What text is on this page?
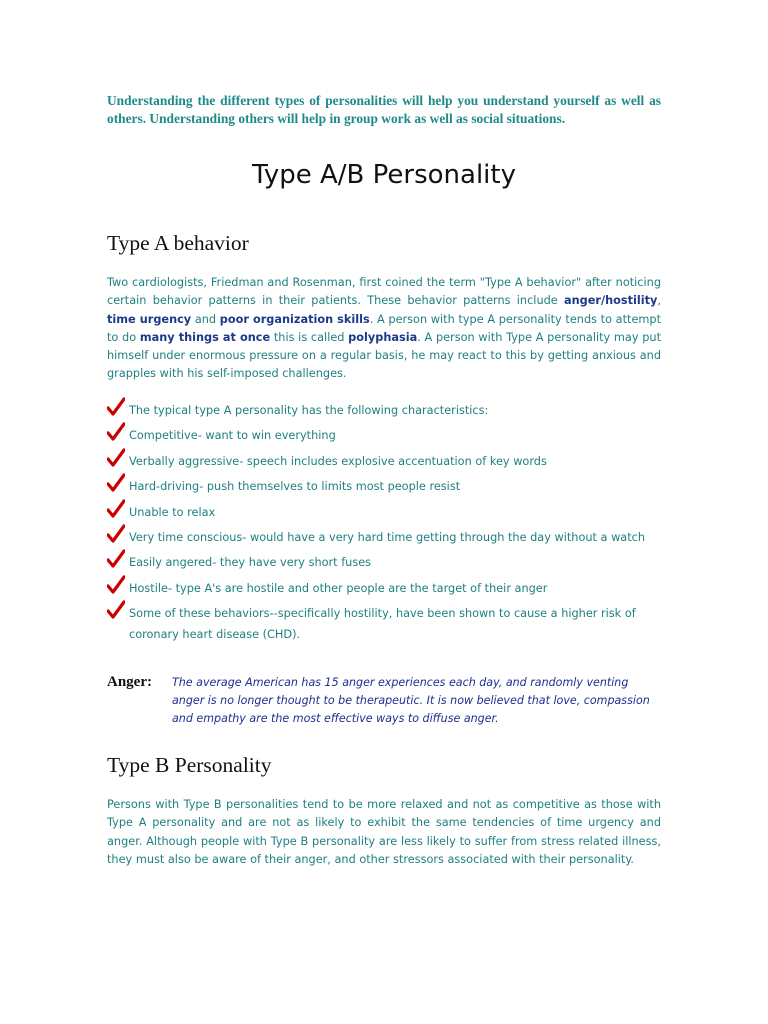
Understanding the different types of personalities will help you understand yourself as well as others. Understanding others will help in group work as well as social situations.

Type A/B Personality
Type A behavior

Two cardiologists, Friedman and Rosenman, first coined the term "Type A behavior" after noticing certain behavior patterns in their patients. These behavior patterns include anger/hostility, time urgency and poor organization skills. A person with type A personality tends to attempt to do many things at once this is called polyphasia. A person with Type A personality may put himself under enormous pressure on a regular basis, he may react to this by getting anxious and grapples with his self-imposed challenges.

The typical type A personality has the following characteristics:
Competitive- want to win everything
Verbally aggressive- speech includes explosive accentuation of key words
Hard-driving- push themselves to limits most people resist
Unable to relax
Very time conscious- would have a very hard time getting through the day without a watch
Easily angered- they have very short fuses
Hostile- type A's are hostile and other people are the target of their anger
Some of these behaviors--specifically hostility, have been shown to cause a higher risk of coronary heart disease (CHD).

Anger: The average American has 15 anger experiences each day, and randomly venting anger is no longer thought to be therapeutic. It is now believed that love, compassion and empathy are the most effective ways to diffuse anger.

Type B Personality

Persons with Type B personalities tend to be more relaxed and not as competitive as those with Type A personality and are not as likely to exhibit the same tendencies of time urgency and anger. Although people with Type B personality are less likely to suffer from stress related illness, they must also be aware of their anger, and other stressors associated with their personality.
